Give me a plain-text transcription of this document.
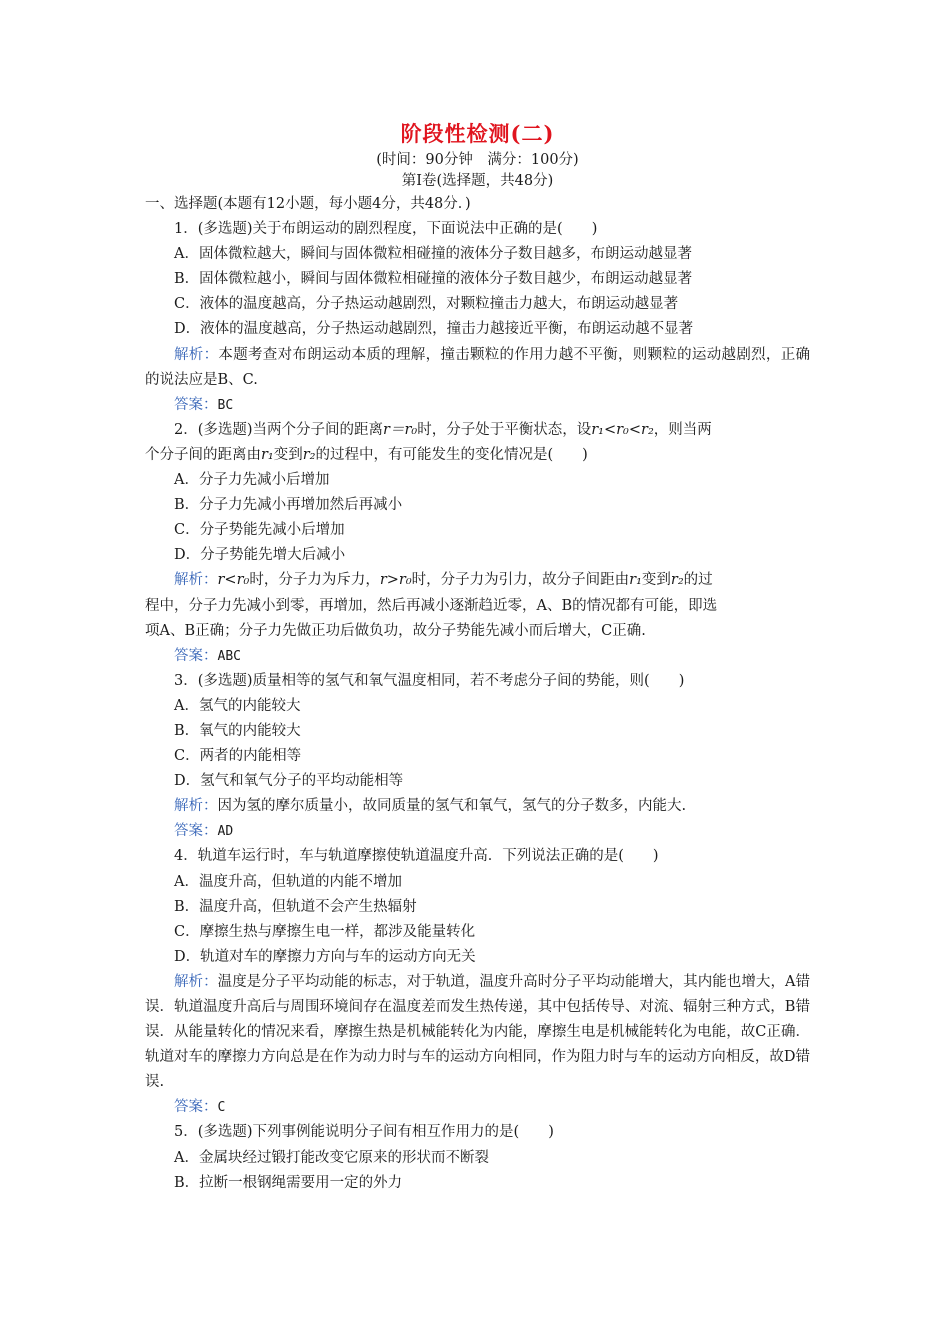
阶段性检测(二)
(时间：90分钟　满分：100分)
第Ⅰ卷(选择题，共48分)
一、选择题(本题有12小题，每小题4分，共48分．)
1．(多选题)关于布朗运动的剧烈程度，下面说法中正确的是(　　)
A．固体微粒越大，瞬间与固体微粒相碰撞的液体分子数目越多，布朗运动越显著
B．固体微粒越小，瞬间与固体微粒相碰撞的液体分子数目越少，布朗运动越显著
C．液体的温度越高，分子热运动越剧烈，对颗粒撞击力越大，布朗运动越显著
D．液体的温度越高，分子热运动越剧烈，撞击力越接近平衡，布朗运动越不显著
解析：本题考查对布朗运动本质的理解，撞击颗粒的作用力越不平衡，则颗粒的运动越剧烈，正确的说法应是B、C.
答案：BC
2．(多选题)当两个分子间的距离r＝r₀时，分子处于平衡状态，设r₁<r₀<r₂，则当两
个分子间的距离由r₁变到r₂的过程中，有可能发生的变化情况是(　　)
A．分子力先减小后增加
B．分子力先减小再增加然后再减小
C．分子势能先减小后增加
D．分子势能先增大后减小
解析：r<r₀时，分子力为斥力，r>r₀时，分子力为引力，故分子间距由r₁变到r₂的过
程中，分子力先减小到零，再增加，然后再减小逐渐趋近零，A、B的情况都有可能，即选
项A、B正确；分子力先做正功后做负功，故分子势能先减小而后增大，C正确.
答案：ABC
3．(多选题)质量相等的氢气和氧气温度相同，若不考虑分子间的势能，则(　　)
A．氢气的内能较大
B．氧气的内能较大
C．两者的内能相等
D．氢气和氧气分子的平均动能相等
解析：因为氢的摩尔质量小，故同质量的氢气和氧气，氢气的分子数多，内能大.
答案：AD
4．轨道车运行时，车与轨道摩擦使轨道温度升高．下列说法正确的是(　　)
A．温度升高，但轨道的内能不增加
B．温度升高，但轨道不会产生热辐射
C．摩擦生热与摩擦生电一样，都涉及能量转化
D．轨道对车的摩擦力方向与车的运动方向无关
解析：温度是分子平均动能的标志，对于轨道，温度升高时分子平均动能增大，其内能也增大，A错误．轨道温度升高后与周围环境间存在温度差而发生热传递，其中包括传导、对流、辐射三种方式，B错误．从能量转化的情况来看，摩擦生热是机械能转化为内能，摩擦生电是机械能转化为电能，故C正确．轨道对车的摩擦力方向总是在作为动力时与车的运动方向相同，作为阻力时与车的运动方向相反，故D错误.
答案：C
5．(多选题)下列事例能说明分子间有相互作用力的是(　　)
A．金属块经过锻打能改变它原来的形状而不断裂
B．拉断一根钢绳需要用一定的外力
